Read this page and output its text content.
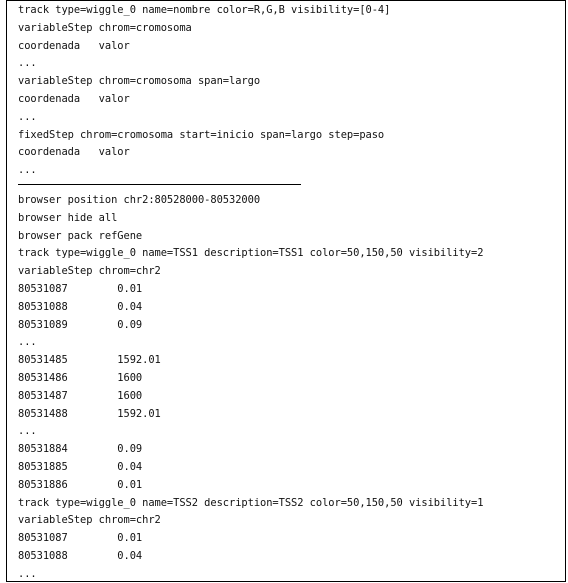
track type=wiggle_0 name=nombre color=R,G,B visibility=[0-4]
variableStep chrom=cromosoma
coordenada   valor
...
variableStep chrom=cromosoma span=largo
coordenada   valor
...
fixedStep chrom=cromosoma start=inicio span=largo step=paso
coordenada   valor
...
browser position chr2:80528000-80532000
browser hide all
browser pack refGene
track type=wiggle_0 name=TSS1 description=TSS1 color=50,150,50 visibility=2
variableStep chrom=chr2
80531087        0.01
80531088        0.04
80531089        0.09
...
80531485        1592.01
80531486        1600
80531487        1600
80531488        1592.01
...
80531884        0.09
80531885        0.04
80531886        0.01
track type=wiggle_0 name=TSS2 description=TSS2 color=50,150,50 visibility=1
variableStep chrom=chr2
80531087        0.01
80531088        0.04
...
